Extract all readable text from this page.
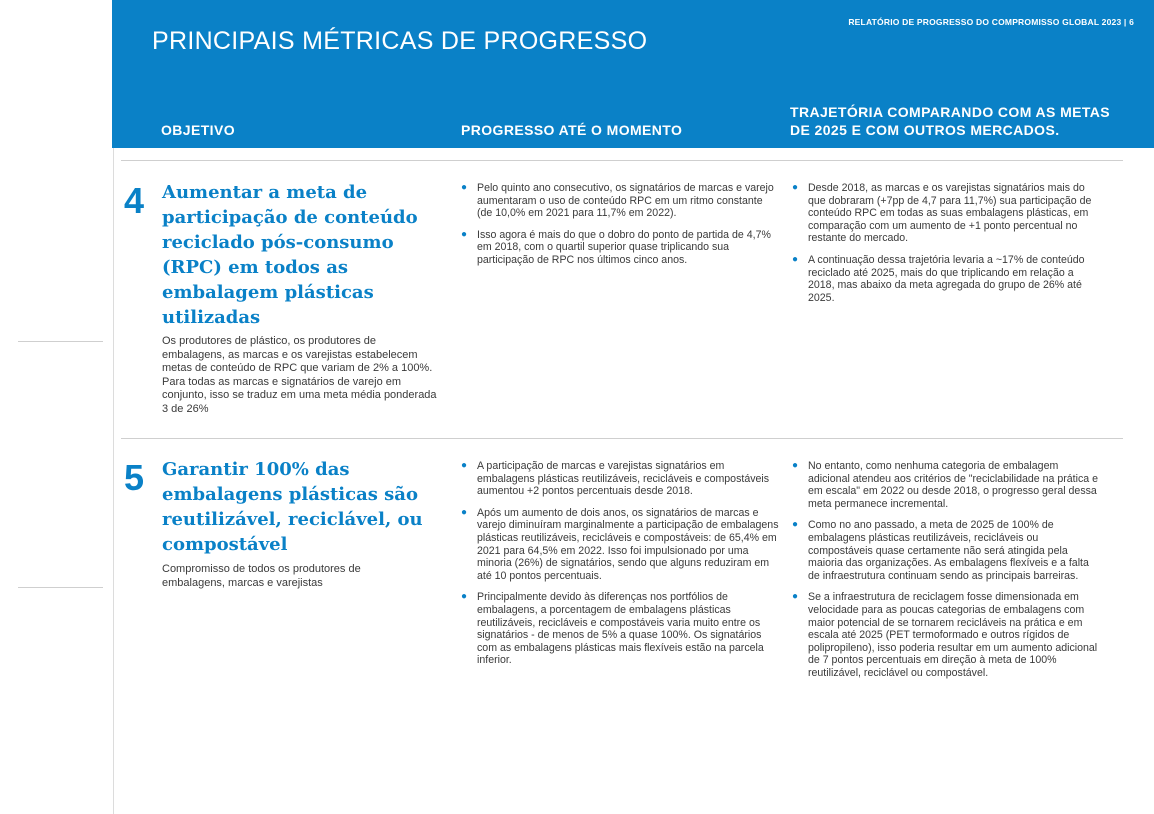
PRINCIPAIS MÉTRICAS DE PROGRESSO
RELATÓRIO DE PROGRESSO DO COMPROMISSO GLOBAL 2023 | 6
OBJETIVO	PROGRESSO ATÉ O MOMENTO
TRAJETÓRIA COMPARANDO COM AS METAS
DE 2025 E COM OUTROS MERCADOS.
4 Aumentar a meta de participação de conteúdo reciclado pós-consumo (RPC) em todos as embalagem plásticas utilizadas
Os produtores de plástico, os produtores de embalagens, as marcas e os varejistas estabelecem metas de conteúdo de RPC que variam de 2% a 100%. Para todas as marcas e signatários de varejo em conjunto, isso se traduz em uma meta média ponderada 3 de 26%
● Pelo quinto ano consecutivo, os signatários de marcas e varejo aumentaram o uso de conteúdo RPC em um ritmo constante (de 10,0% em 2021 para 11,7% em 2022).
● Isso agora é mais do que o dobro do ponto de partida de 4,7% em 2018, com o quartil superior quase triplicando sua participação de RPC nos últimos cinco anos.
● Desde 2018, as marcas e os varejistas signatários mais do que dobraram (+7pp de 4,7 para 11,7%) sua participação de conteúdo RPC em todas as suas embalagens plásticas, em comparação com um aumento de +1 ponto percentual no restante do mercado.
● A continuação dessa trajetória levaria a ~17% de conteúdo reciclado até 2025, mais do que triplicando em relação a 2018, mas abaixo da meta agregada do grupo de 26% até 2025.
5 Garantir 100% das embalagens plásticas são reutilizável, reciclável, ou compostável
Compromisso de todos os produtores de embalagens, marcas e varejistas
● A participação de marcas e varejistas signatários em embalagens plásticas reutilizáveis, recicláveis e compostáveis aumentou +2 pontos percentuais desde 2018.
● Após um aumento de dois anos, os signatários de marcas e varejo diminuíram marginalmente a participação de embalagens plásticas reutilizáveis, recicláveis e compostáveis: de 65,4% em 2021 para 64,5% em 2022. Isso foi impulsionado por uma minoria (26%) de signatários, sendo que alguns reduziram em até 10 pontos percentuais.
● Principalmente devido às diferenças nos portfólios de embalagens, a porcentagem de embalagens plásticas reutilizáveis, recicláveis e compostáveis varia muito entre os signatários - de menos de 5% a quase 100%. Os signatários com as embalagens plásticas mais flexíveis estão na parcela inferior.
● No entanto, como nenhuma categoria de embalagem adicional atendeu aos critérios de "reciclabilidade na prática e em escala" em 2022 ou desde 2018, o progresso geral dessa meta permanece incremental.
● Como no ano passado, a meta de 2025 de 100% de embalagens plásticas reutilizáveis, recicláveis ou compostáveis quase certamente não será atingida pela maioria das organizações. As embalagens flexíveis e a falta de infraestrutura continuam sendo as principais barreiras.
● Se a infraestrutura de reciclagem fosse dimensionada em velocidade para as poucas categorias de embalagens com maior potencial de se tornarem recicláveis na prática e em escala até 2025 (PET termoformado e outros rígidos de polipropileno), isso poderia resultar em um aumento adicional de 7 pontos percentuais em direção à meta de 100% reutilizável, reciclável ou compostável.
